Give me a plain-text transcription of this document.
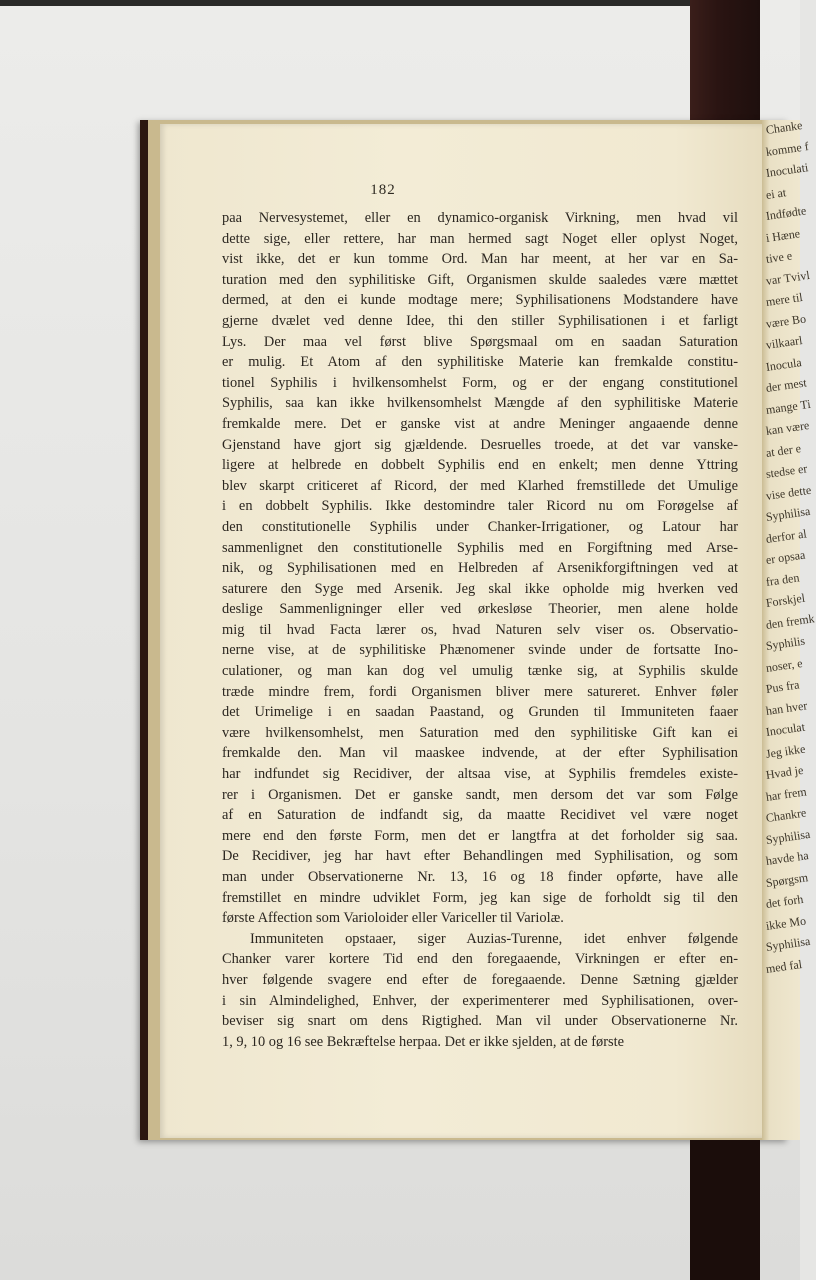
Chanke
komme f
Inoculati
ei at
Indfødte
i Hæne
tive e
var Tvivl
mere til
være Bo
vilkaarl
Inocula
der mest
mange Ti
kan være
at der e
stedse er
vise dette
Syphilisa
derfor al
er opsaa
fra den
Forskjel
den fremk
Syphilis
noser, e
Pus fra
han hver
Inoculat
Jeg ikke
Hvad je
har frem
Chankre
Syphilisa
havde ha
Spørgsm
det forh
ikke Mo
Syphilisa
med fal
182
paa Nervesystemet, eller en dynamico-organisk Virkning, men hvad vil
dette sige, eller rettere, har man hermed sagt Noget eller oplyst Noget,
vist ikke, det er kun tomme Ord. Man har meent, at her var en Sa-
turation med den syphilitiske Gift, Organismen skulde saaledes være mættet
dermed, at den ei kunde modtage mere; Syphilisationens Modstandere have
gjerne dvælet ved denne Idee, thi den stiller Syphilisationen i et farligt
Lys. Der maa vel først blive Spørgsmaal om en saadan Saturation
er mulig. Et Atom af den syphilitiske Materie kan fremkalde constitu-
tionel Syphilis i hvilkensomhelst Form, og er der engang constitutionel
Syphilis, saa kan ikke hvilkensomhelst Mængde af den syphilitiske Materie
fremkalde mere. Det er ganske vist at andre Meninger angaaende denne
Gjenstand have gjort sig gjældende. Desruelles troede, at det var vanske-
ligere at helbrede en dobbelt Syphilis end en enkelt; men denne Yttring
blev skarpt criticeret af Ricord, der med Klarhed fremstillede det Umulige
i en dobbelt Syphilis. Ikke destomindre taler Ricord nu om Forøgelse af
den constitutionelle Syphilis under Chanker-Irrigationer, og Latour har
sammenlignet den constitutionelle Syphilis med en Forgiftning med Arse-
nik, og Syphilisationen med en Helbreden af Arsenikforgiftningen ved at
saturere den Syge med Arsenik. Jeg skal ikke opholde mig hverken ved
deslige Sammenligninger eller ved ørkesløse Theorier, men alene holde
mig til hvad Facta lærer os, hvad Naturen selv viser os. Observatio-
nerne vise, at de syphilitiske Phænomener svinde under de fortsatte Ino-
culationer, og man kan dog vel umulig tænke sig, at Syphilis skulde
træde mindre frem, fordi Organismen bliver mere satureret. Enhver føler
det Urimelige i en saadan Paastand, og Grunden til Immuniteten faaer
være hvilkensomhelst, men Saturation med den syphilitiske Gift kan ei
fremkalde den. Man vil maaskee indvende, at der efter Syphilisation
har indfundet sig Recidiver, der altsaa vise, at Syphilis fremdeles existe-
rer i Organismen. Det er ganske sandt, men dersom det var som Følge
af en Saturation de indfandt sig, da maatte Recidivet vel være noget
mere end den første Form, men det er langtfra at det forholder sig saa.
De Recidiver, jeg har havt efter Behandlingen med Syphilisation, og som
man under Observationerne Nr. 13, 16 og 18 finder opførte, have alle
fremstillet en mindre udviklet Form, jeg kan sige de forholdt sig til den
første Affection som Varioloider eller Variceller til Variolæ.
Immuniteten opstaaer, siger Auzias-Turenne, idet enhver følgende
Chanker varer kortere Tid end den foregaaende, Virkningen er efter en-
hver følgende svagere end efter de foregaaende. Denne Sætning gjælder
i sin Almindelighed, Enhver, der experimenterer med Syphilisationen, over-
beviser sig snart om dens Rigtighed. Man vil under Observationerne Nr.
1, 9, 10 og 16 see Bekræftelse herpaa. Det er ikke sjelden, at de første
